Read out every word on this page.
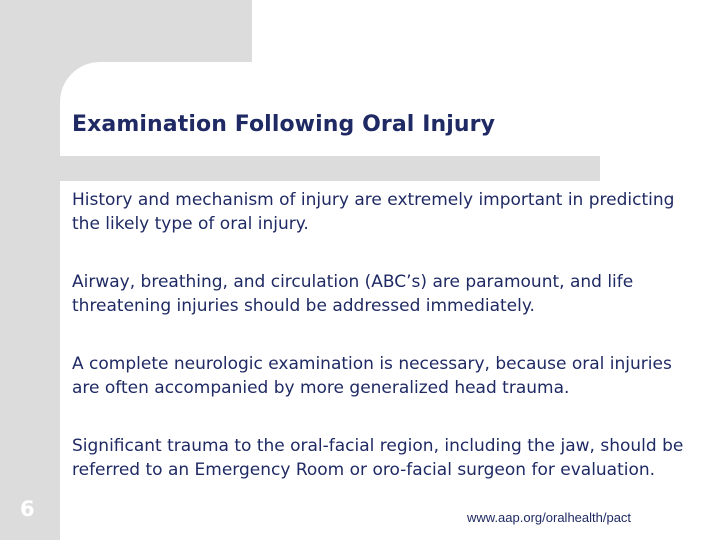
Examination Following Oral Injury
History and mechanism of injury are extremely important in predicting the likely type of oral injury.
Airway, breathing, and circulation (ABC’s) are paramount, and life threatening injuries should be addressed immediately.
A complete neurologic examination is necessary, because oral injuries are often accompanied by more generalized head trauma.
Significant trauma to the oral-facial region, including the jaw, should be referred to an Emergency Room or oro-facial surgeon for evaluation.
6	www.aap.org/oralhealth/pact
